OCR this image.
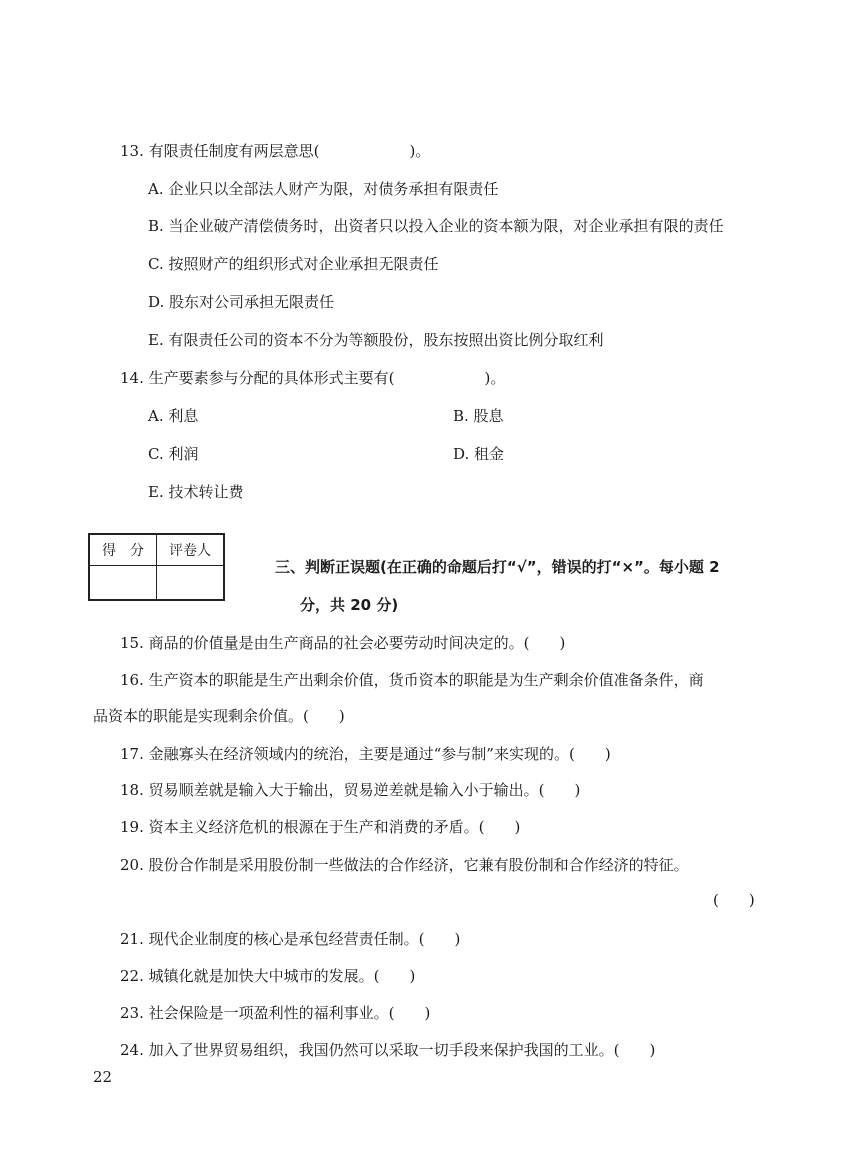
13. 有限责任制度有两层意思(　　　　　　)。
A. 企业只以全部法人财产为限，对债务承担有限责任
B. 当企业破产清偿债务时，出资者只以投入企业的资本额为限，对企业承担有限的责任
C. 按照财产的组织形式对企业承担无限责任
D. 股东对公司承担无限责任
E. 有限责任公司的资本不分为等额股份，股东按照出资比例分取红利
14. 生产要素参与分配的具体形式主要有(　　　　　　)。
A. 利息	B. 股息
C. 利润	D. 租金
E. 技术转让费
得　分	评卷人

三、判断正误题(在正确的命题后打“√”，错误的打“×”。每小题 2
分，共 20 分)
15. 商品的价值量是由生产商品的社会必要劳动时间决定的。(　　)
16. 生产资本的职能是生产出剩余价值，货币资本的职能是为生产剩余价值准备条件，商
品资本的职能是实现剩余价值。(　　)
17. 金融寡头在经济领域内的统治，主要是通过“参与制”来实现的。(　　)
18. 贸易顺差就是输入大于输出，贸易逆差就是输入小于输出。(　　)
19. 资本主义经济危机的根源在于生产和消费的矛盾。(　　)
20. 股份合作制是采用股份制一些做法的合作经济，它兼有股份制和合作经济的特征。
(　　)
21. 现代企业制度的核心是承包经营责任制。(　　)
22. 城镇化就是加快大中城市的发展。(　　)
23. 社会保险是一项盈利性的福利事业。(　　)
24. 加入了世界贸易组织，我国仍然可以采取一切手段来保护我国的工业。(　　)
22
